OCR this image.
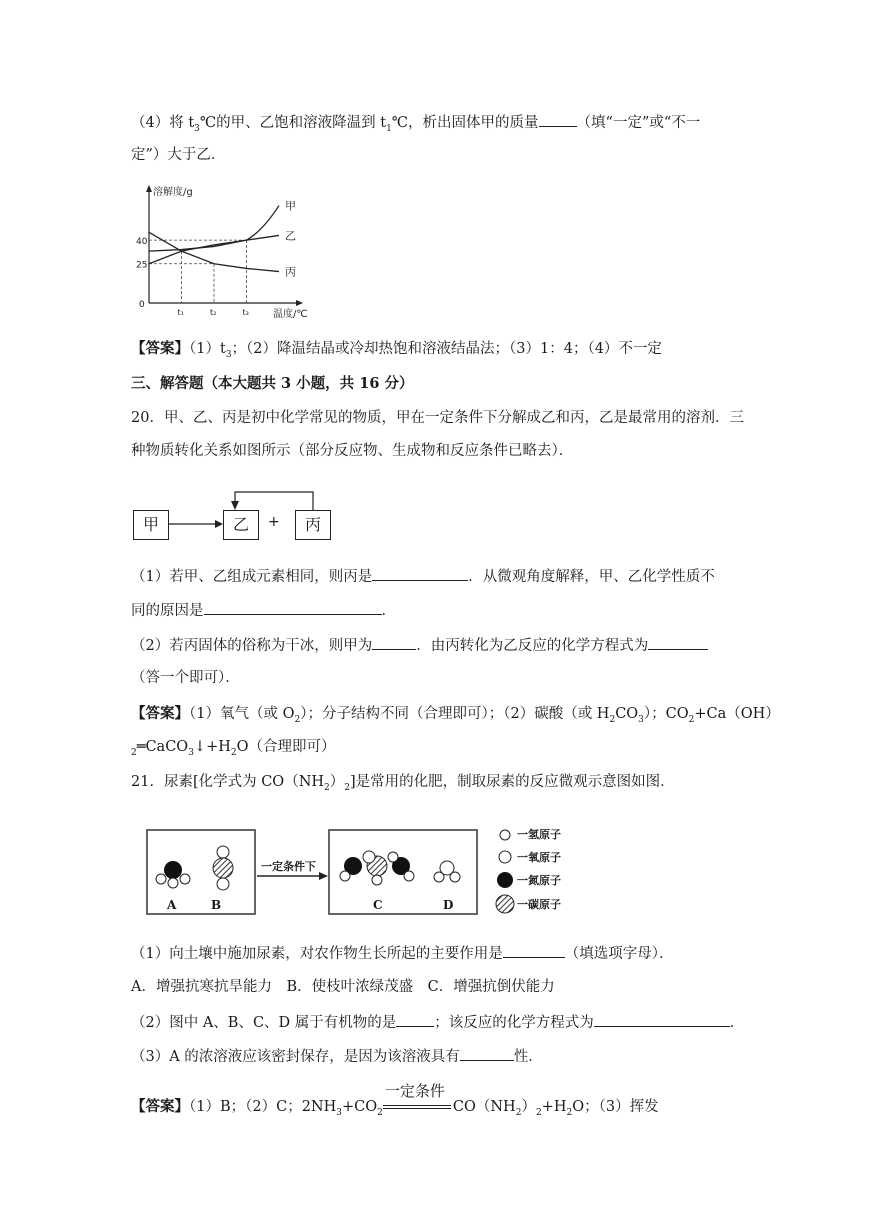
（4）将 $t_3℃$的甲、乙饱和溶液降温到 $t_1℃$，析出固体甲的质量	（填“一定”或“不一
定”）大于乙．
溶解度/g
温度/℃
0
40
25
t₁	t₂	t₃
甲
乙
丙
【答案】$(1)t_3$；（2）降温结晶或冷却热饱和溶液结晶法；（3）1：4；（4）不一定
三、解答题（本大题共 3 小题，共 16 分）
20．甲、乙、丙是初中化学常见的物质，甲在一定条件下分解成乙和丙，乙是最常用的溶剂．三
种物质转化关系如图所示（部分反应物、生成物和反应条件已略去）．
甲	乙	+	丙
（1）若甲、乙组成元素相同，则丙是	．从微观角度解释，甲、乙化学性质不
同的原因是	．
（2）若丙固体的俗称为干冰，则甲为	．由丙转化为乙反应的化学方程式为
（答一个即可）．
【答案】（1）氧气（或 $O_2$）；分子结构不同（合理即可）；（2）碳酸（或 $H_2CO_3$）；$CO_2+Ca(OH)$
$_2═CaCO_3↓+H_2O$（合理即可）
21．尿素[化学式为 $CO(NH_2)_2$]是常用的化肥，制取尿素的反应微观示意图如图．
A	B	C	D
一定条件下
一氢原子
一氧原子
一氮原子
一碳原子
（1）向土壤中施加尿素，对农作物生长所起的主要作用是	（填选项字母）．
A．增强抗寒抗旱能力　B．使枝叶浓绿茂盛　C．增强抗倒伏能力
（2）图中 A、B、C、D 属于有机物的是	；该反应的化学方程式为	．
（3）A 的浓溶液应该密封保存，是因为该溶液具有	性．
【答案】（1）B；（2）C；$2NH_3+CO_2$
一定条件
$CO(NH_2)_2+H_2O$；（3）挥发
